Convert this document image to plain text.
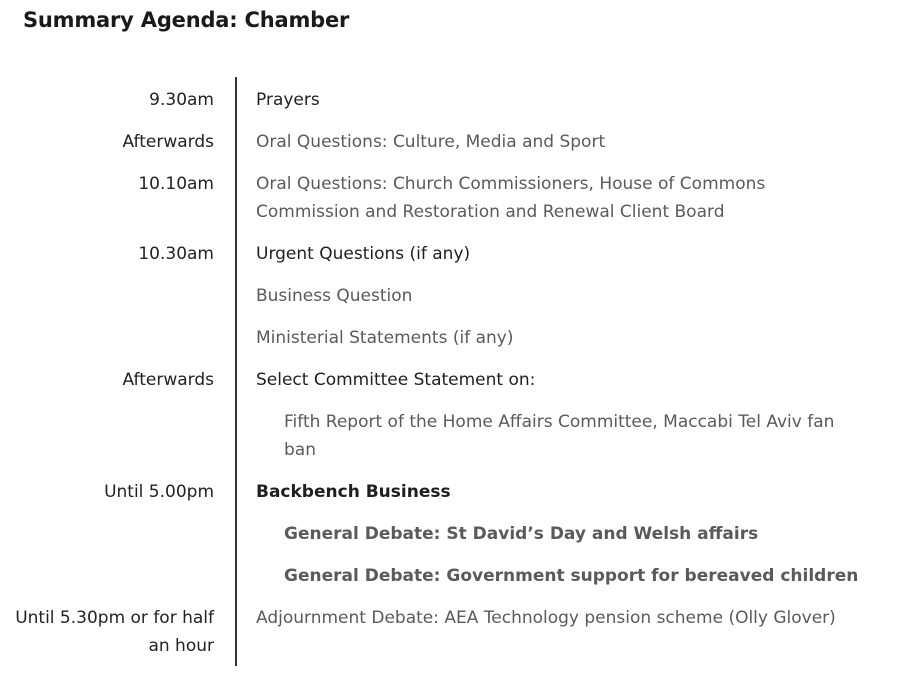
Summary Agenda: Chamber
9.30am Prayers
Afterwards Oral Questions: Culture, Media and Sport
10.10am Oral Questions: Church Commissioners, House of Commons Commission and Restoration and Renewal Client Board
10.30am Urgent Questions (if any)
Business Question
Ministerial Statements (if any)
Afterwards Select Committee Statement on:
Fifth Report of the Home Affairs Committee, Maccabi Tel Aviv fan ban
Until 5.00pm Backbench Business
General Debate: St David’s Day and Welsh affairs
General Debate: Government support for bereaved children
Until 5.30pm or for half an hour
Adjournment Debate: AEA Technology pension scheme (Olly Glover)
